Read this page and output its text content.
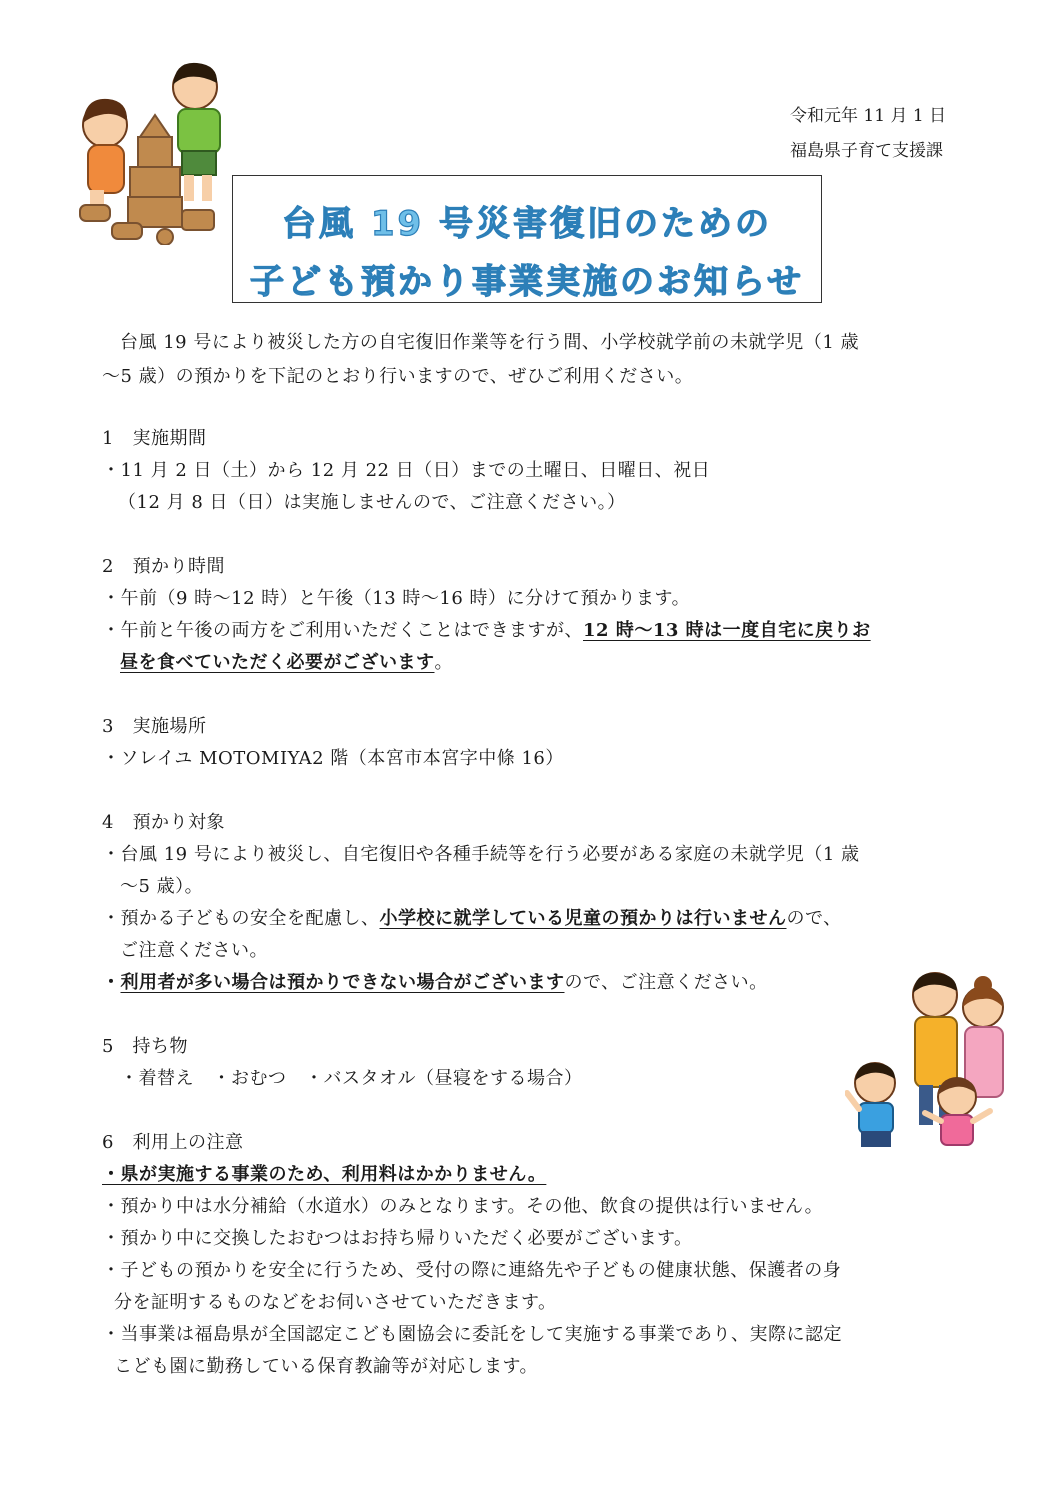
令和元年 11 月 1 日
福島県子育て支援課
台風 19 号災害復旧のための
子ども預かり事業実施のお知らせ
台風 19 号により被災した方の自宅復旧作業等を行う間、小学校就学前の未就学児（1 歳
〜5 歳）の預かりを下記のとおり行いますので、ぜひご利用ください。
1　実施期間
・11 月 2 日（土）から 12 月 22 日（日）までの土曜日、日曜日、祝日
（12 月 8 日（日）は実施しませんので、ご注意ください。）
2　預かり時間
・午前（9 時〜12 時）と午後（13 時〜16 時）に分けて預かります。
・午前と午後の両方をご利用いただくことはできますが、12 時〜13 時は一度自宅に戻りお
昼を食べていただく必要がございます。
3　実施場所
・ソレイユ MOTOMIYA2 階（本宮市本宮字中條 16）
4　預かり対象
・台風 19 号により被災し、自宅復旧や各種手続等を行う必要がある家庭の未就学児（1 歳
〜5 歳）。
・預かる子どもの安全を配慮し、小学校に就学している児童の預かりは行いませんので、
ご注意ください。
・利用者が多い場合は預かりできない場合がございますので、ご注意ください。
5　持ち物
・着替え　・おむつ　・バスタオル（昼寝をする場合）
6　利用上の注意
・県が実施する事業のため、利用料はかかりません。
・預かり中は水分補給（水道水）のみとなります。その他、飲食の提供は行いません。
・預かり中に交換したおむつはお持ち帰りいただく必要がございます。
・子どもの預かりを安全に行うため、受付の際に連絡先や子どもの健康状態、保護者の身
分を証明するものなどをお伺いさせていただきます。
・当事業は福島県が全国認定こども園協会に委託をして実施する事業であり、実際に認定
こども園に勤務している保育教諭等が対応します。
